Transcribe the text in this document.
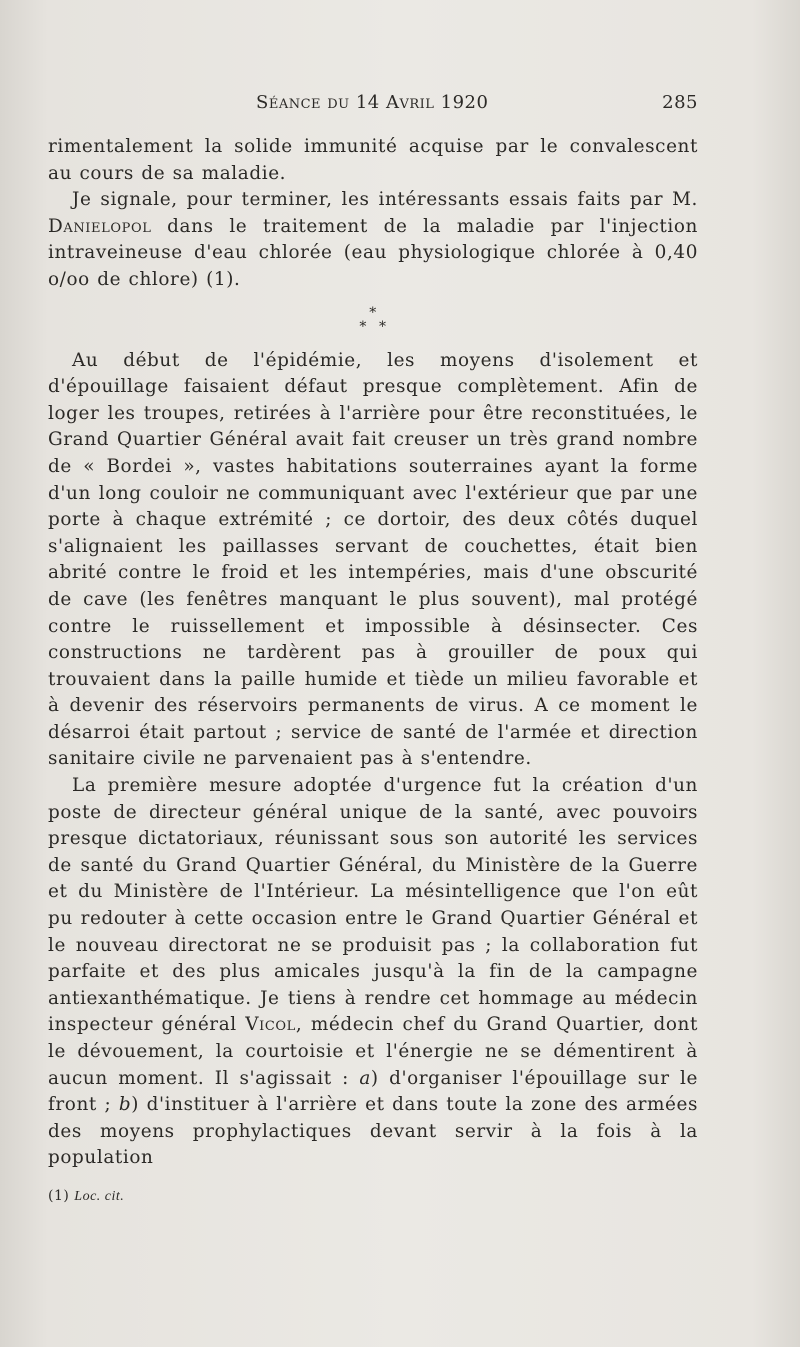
Séance du 14 Avril 1920	285

rimentalement la solide immunité acquise par le convalescent au cours de sa maladie.

Je signale, pour terminer, les intéressants essais faits par M. Danielopol dans le traitement de la maladie par l'injection intraveineuse d'eau chlorée (eau physiologique chlorée à 0,40 o/oo de chlore) (1).

*
*  *

Au début de l'épidémie, les moyens d'isolement et d'épouillage faisaient défaut presque complètement. Afin de loger les troupes, retirées à l'arrière pour être reconstituées, le Grand Quartier Général avait fait creuser un très grand nombre de « Bordei », vastes habitations souterraines ayant la forme d'un long couloir ne communiquant avec l'extérieur que par une porte à chaque extrémité ; ce dortoir, des deux côtés duquel s'alignaient les paillasses servant de couchettes, était bien abrité contre le froid et les intempéries, mais d'une obscurité de cave (les fenêtres manquant le plus souvent), mal protégé contre le ruissellement et impossible à désinsecter. Ces constructions ne tardèrent pas à grouiller de poux qui trouvaient dans la paille humide et tiède un milieu favorable et à devenir des réservoirs permanents de virus. A ce moment le désarroi était partout ; service de santé de l'armée et direction sanitaire civile ne parvenaient pas à s'entendre.

La première mesure adoptée d'urgence fut la création d'un poste de directeur général unique de la santé, avec pouvoirs presque dictatoriaux, réunissant sous son autorité les services de santé du Grand Quartier Général, du Ministère de la Guerre et du Ministère de l'Intérieur. La mésintelligence que l'on eût pu redouter à cette occasion entre le Grand Quartier Général et le nouveau directorat ne se produisit pas ; la collaboration fut parfaite et des plus amicales jusqu'à la fin de la campagne antiexanthématique. Je tiens à rendre cet hommage au médecin inspecteur général Vicol, médecin chef du Grand Quartier, dont le dévouement, la courtoisie et l'énergie ne se démentirent à aucun moment. Il s'agissait : a) d'organiser l'épouillage sur le front ; b) d'instituer à l'arrière et dans toute la zone des armées des moyens prophylactiques devant servir à la fois à la population

(1) Loc. cit.
